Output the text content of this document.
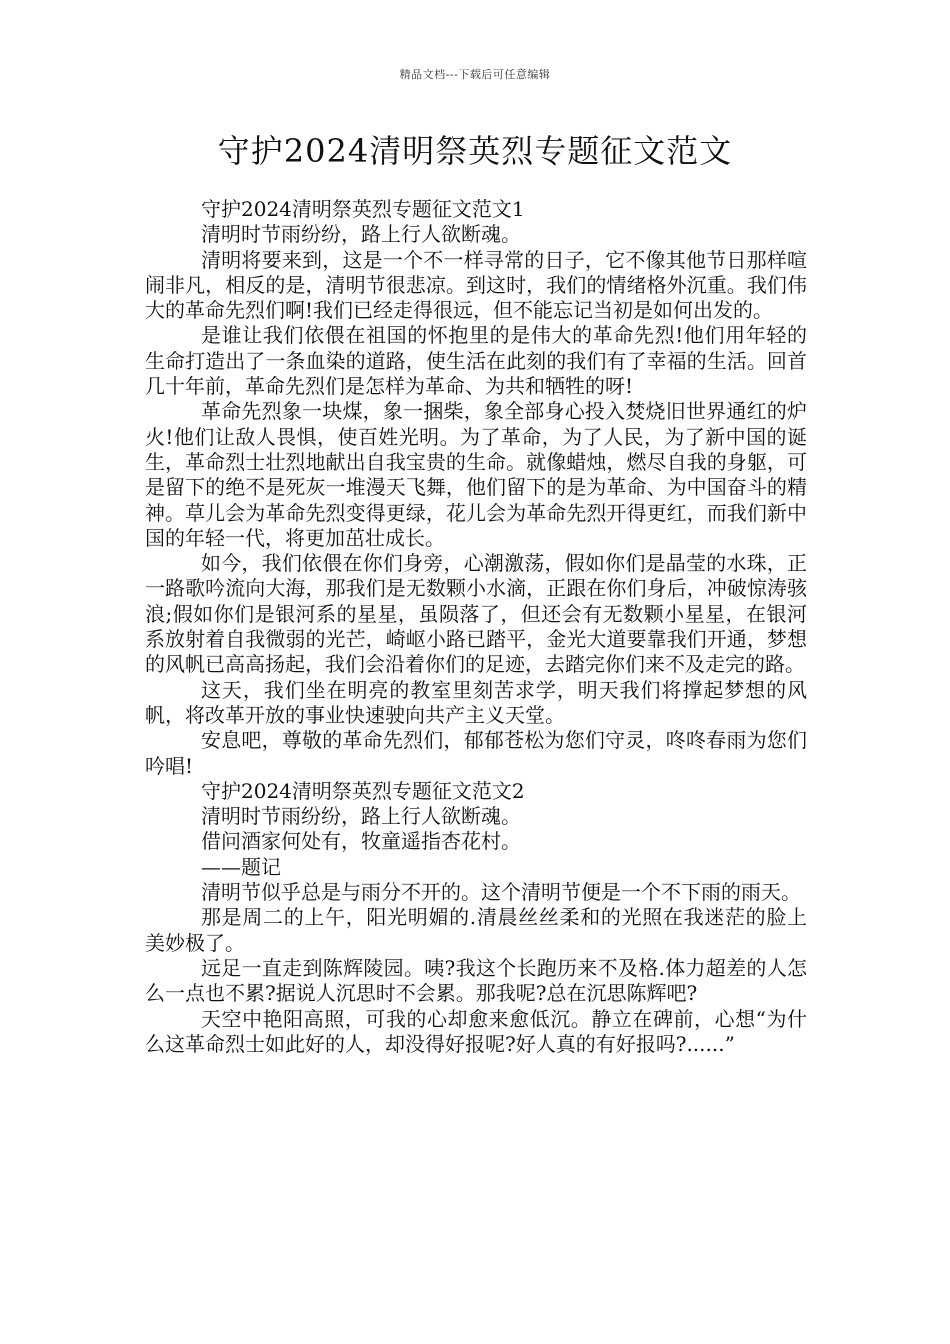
精品文档---下载后可任意编辑
守护2024清明祭英烈专题征文范文

守护2024清明祭英烈专题征文范文1

清明时节雨纷纷，路上行人欲断魂。

清明将要来到，这是一个不一样寻常的日子，它不像其他节日那样喧闹非凡，相反的是，清明节很悲凉。到这时，我们的情绪格外沉重。我们伟大的革命先烈们啊!我们已经走得很远，但不能忘记当初是如何出发的。

是谁让我们依偎在祖国的怀抱里的是伟大的革命先烈!他们用年轻的生命打造出了一条血染的道路，使生活在此刻的我们有了幸福的生活。回首几十年前，革命先烈们是怎样为革命、为共和牺牲的呀!

革命先烈象一块煤，象一捆柴，象全部身心投入焚烧旧世界通红的炉火!他们让敌人畏惧，使百姓光明。为了革命，为了人民，为了新中国的诞生，革命烈士壮烈地献出自我宝贵的生命。就像蜡烛，燃尽自我的身躯，可是留下的绝不是死灰一堆漫天飞舞，他们留下的是为革命、为中国奋斗的精神。草儿会为革命先烈变得更绿，花儿会为革命先烈开得更红，而我们新中国的年轻一代，将更加茁壮成长。

如今，我们依偎在你们身旁，心潮激荡，假如你们是晶莹的水珠，正一路歌吟流向大海，那我们是无数颗小水滴，正跟在你们身后，冲破惊涛骇浪;假如你们是银河系的星星，虽陨落了，但还会有无数颗小星星，在银河系放射着自我微弱的光芒，崎岖小路已踏平，金光大道要靠我们开通，梦想的风帆已高高扬起，我们会沿着你们的足迹，去踏完你们来不及走完的路。

这天，我们坐在明亮的教室里刻苦求学，明天我们将撑起梦想的风帆，将改革开放的事业快速驶向共产主义天堂。

安息吧，尊敬的革命先烈们，郁郁苍松为您们守灵，咚咚春雨为您们吟唱!

守护2024清明祭英烈专题征文范文2

清明时节雨纷纷，路上行人欲断魂。

借问酒家何处有，牧童遥指杏花村。

——题记

清明节似乎总是与雨分不开的。这个清明节便是一个不下雨的雨天。

那是周二的上午，阳光明媚的.清晨丝丝柔和的光照在我迷茫的脸上美妙极了。

远足一直走到陈辉陵园。咦?我这个长跑历来不及格.体力超差的人怎么一点也不累?据说人沉思时不会累。那我呢?总在沉思陈辉吧?

天空中艳阳高照，可我的心却愈来愈低沉。静立在碑前，心想“为什么这革命烈士如此好的人，却没得好报呢?好人真的有好报吗?......”
